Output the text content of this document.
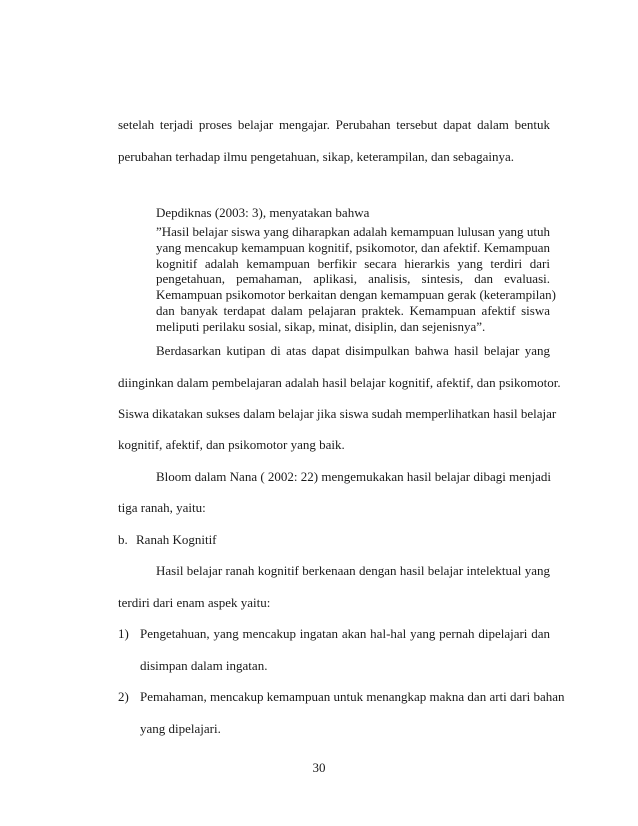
setelah terjadi proses belajar mengajar. Perubahan tersebut dapat dalam bentuk
perubahan terhadap ilmu pengetahuan, sikap, keterampilan, dan sebagainya.
Depdiknas (2003: 3), menyatakan bahwa
”Hasil belajar siswa yang diharapkan adalah kemampuan lulusan yang utuh
yang mencakup kemampuan kognitif, psikomotor, dan afektif. Kemampuan
kognitif adalah kemampuan berfikir secara hierarkis yang terdiri dari
pengetahuan, pemahaman, aplikasi, analisis, sintesis, dan evaluasi.
Kemampuan psikomotor berkaitan dengan kemampuan gerak (keterampilan)
dan banyak terdapat dalam pelajaran praktek. Kemampuan afektif siswa
meliputi perilaku sosial, sikap, minat, disiplin, dan sejenisnya”.
Berdasarkan kutipan di atas dapat disimpulkan bahwa hasil belajar yang
diinginkan dalam pembelajaran adalah hasil belajar kognitif, afektif, dan psikomotor.
Siswa dikatakan sukses dalam belajar jika siswa sudah memperlihatkan hasil belajar
kognitif, afektif, dan psikomotor yang baik.
Bloom dalam Nana ( 2002: 22) mengemukakan hasil belajar dibagi menjadi
tiga ranah, yaitu:
b. Ranah Kognitif
Hasil belajar ranah kognitif berkenaan dengan hasil belajar intelektual yang
terdiri dari enam aspek yaitu:
1) Pengetahuan, yang mencakup ingatan akan hal-hal yang pernah dipelajari dan
disimpan dalam ingatan.
2) Pemahaman, mencakup kemampuan untuk menangkap makna dan arti dari bahan
yang dipelajari.
30
